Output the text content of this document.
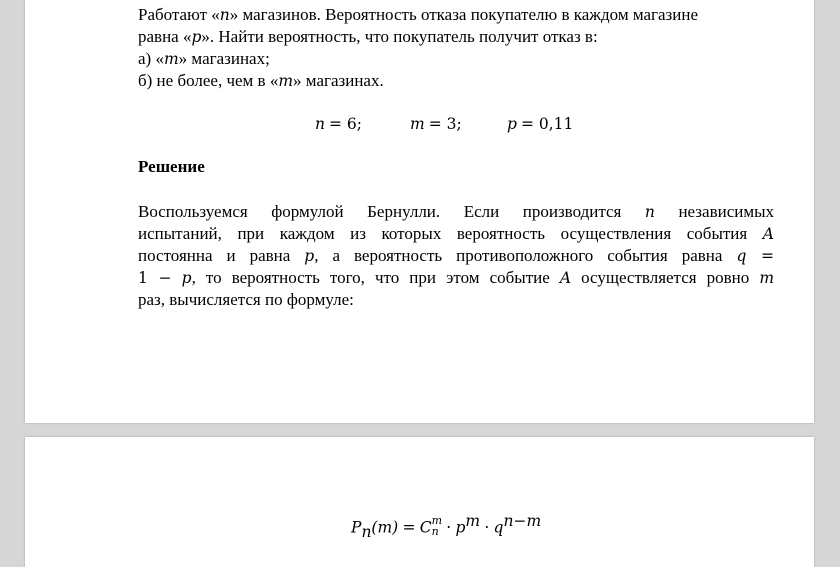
Работают «n» магазинов. Вероятность отказа покупателю в каждом магазине

равна «p». Найти вероятность, что покупатель получит отказ в:

а) «m» магазинах;

б) не более, чем в «m» магазинах.

n = 6;	m = 3;	p = 0,11

Решение

Воспользуемся формулой Бернулли. Если производится n независимых

испытаний, при каждом из которых вероятность осуществления события A

постоянна и равна p, а вероятность противоположного события равна q =

1 − p, то вероятность того, что при этом событие A осуществляется ровно m

раз, вычисляется по формуле:

$P_n(m) = C$ m
$n \cdot p^m \cdot q^{n-m}$
